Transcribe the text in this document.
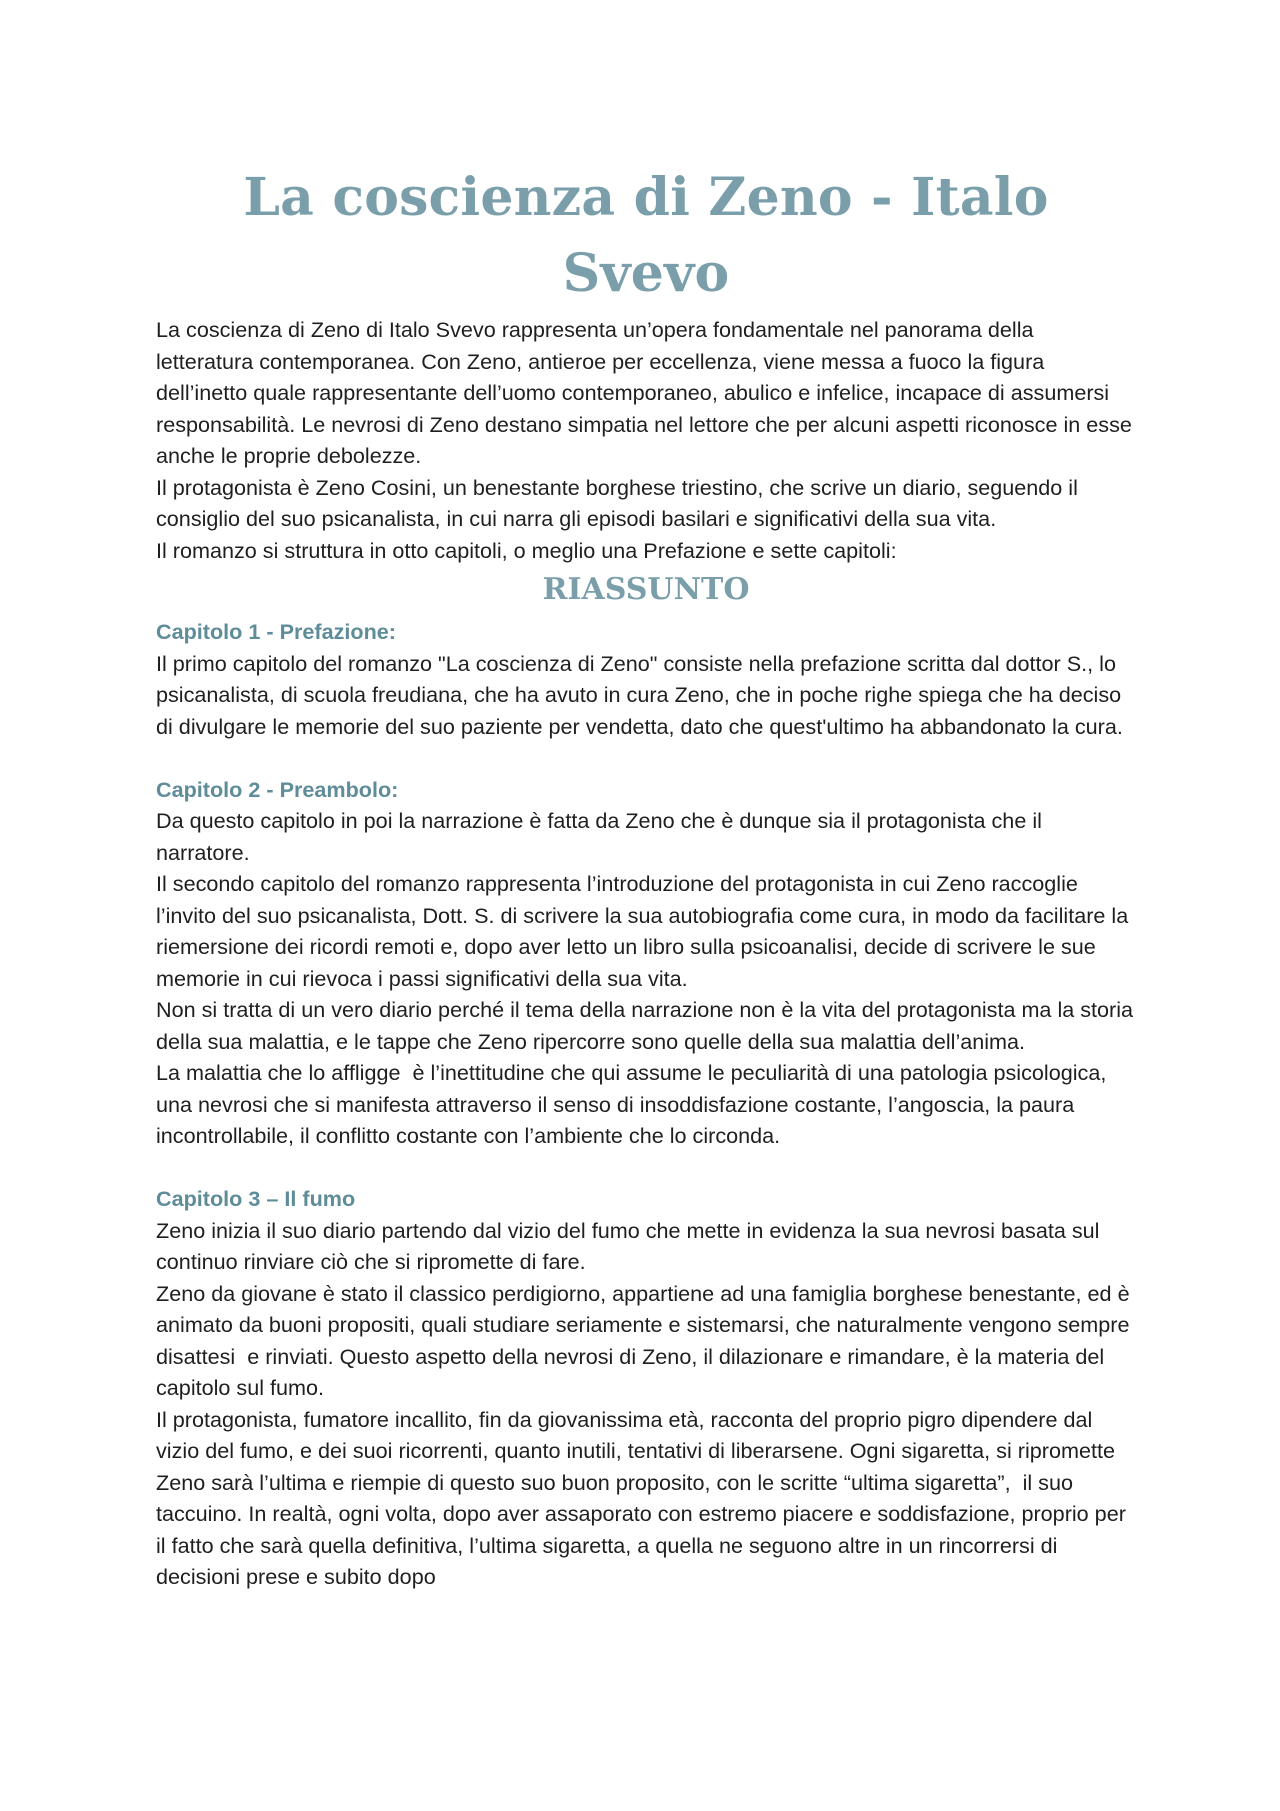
La coscienza di Zeno - Italo Svevo

La coscienza di Zeno di Italo Svevo rappresenta un’opera fondamentale nel panorama della letteratura contemporanea. Con Zeno, antieroe per eccellenza, viene messa a fuoco la figura dell’inetto quale rappresentante dell’uomo contemporaneo, abulico e infelice, incapace di assumersi responsabilità. Le nevrosi di Zeno destano simpatia nel lettore che per alcuni aspetti riconosce in esse anche le proprie debolezze.

Il protagonista è Zeno Cosini, un benestante borghese triestino, che scrive un diario, seguendo il  consiglio del suo psicanalista, in cui narra gli episodi basilari e significativi della sua vita.

Il romanzo si struttura in otto capitoli, o meglio una Prefazione e sette capitoli:

RIASSUNTO

Capitolo 1 - Prefazione:

Il primo capitolo del romanzo "La coscienza di Zeno" consiste nella prefazione scritta dal dottor S., lo psicanalista, di scuola freudiana, che ha avuto in cura Zeno, che in poche righe spiega che ha deciso di divulgare le memorie del suo paziente per vendetta, dato che quest'ultimo ha abbandonato la cura.

Capitolo 2 - Preambolo:

Da questo capitolo in poi la narrazione è fatta da Zeno che è dunque sia il protagonista che il narratore.

Il secondo capitolo del romanzo rappresenta l’introduzione del protagonista in cui Zeno raccoglie l’invito del suo psicanalista, Dott. S. di scrivere la sua autobiografia come cura, in modo da facilitare la riemersione dei ricordi remoti e, dopo aver letto un libro sulla psicoanalisi, decide di scrivere le sue memorie in cui rievoca i passi significativi della sua vita.

Non si tratta di un vero diario perché il tema della narrazione non è la vita del protagonista ma la storia della sua malattia, e le tappe che Zeno ripercorre sono quelle della sua malattia dell’anima.

La malattia che lo affligge  è l’inettitudine che qui assume le peculiarità di una patologia psicologica, una nevrosi che si manifesta attraverso il senso di insoddisfazione costante, l’angoscia, la paura incontrollabile, il conflitto costante con l’ambiente che lo circonda.

Capitolo 3 – Il fumo

Zeno inizia il suo diario partendo dal vizio del fumo che mette in evidenza la sua nevrosi basata sul continuo rinviare ciò che si ripromette di fare.

Zeno da giovane è stato il classico perdigiorno, appartiene ad una famiglia borghese benestante, ed è animato da buoni propositi, quali studiare seriamente e sistemarsi, che naturalmente vengono sempre disattesi  e rinviati. Questo aspetto della nevrosi di Zeno, il dilazionare e rimandare, è la materia del capitolo sul fumo.

Il protagonista, fumatore incallito, fin da giovanissima età, racconta del proprio pigro dipendere dal vizio del fumo, e dei suoi ricorrenti, quanto inutili, tentativi di liberarsene. Ogni sigaretta, si ripromette Zeno sarà l’ultima e riempie di questo suo buon proposito, con le scritte “ultima sigaretta”,  il suo taccuino. In realtà, ogni volta, dopo aver assaporato con estremo piacere e soddisfazione, proprio per il fatto che sarà quella definitiva, l’ultima sigaretta, a quella ne seguono altre in un rincorrersi di decisioni prese e subito dopo
